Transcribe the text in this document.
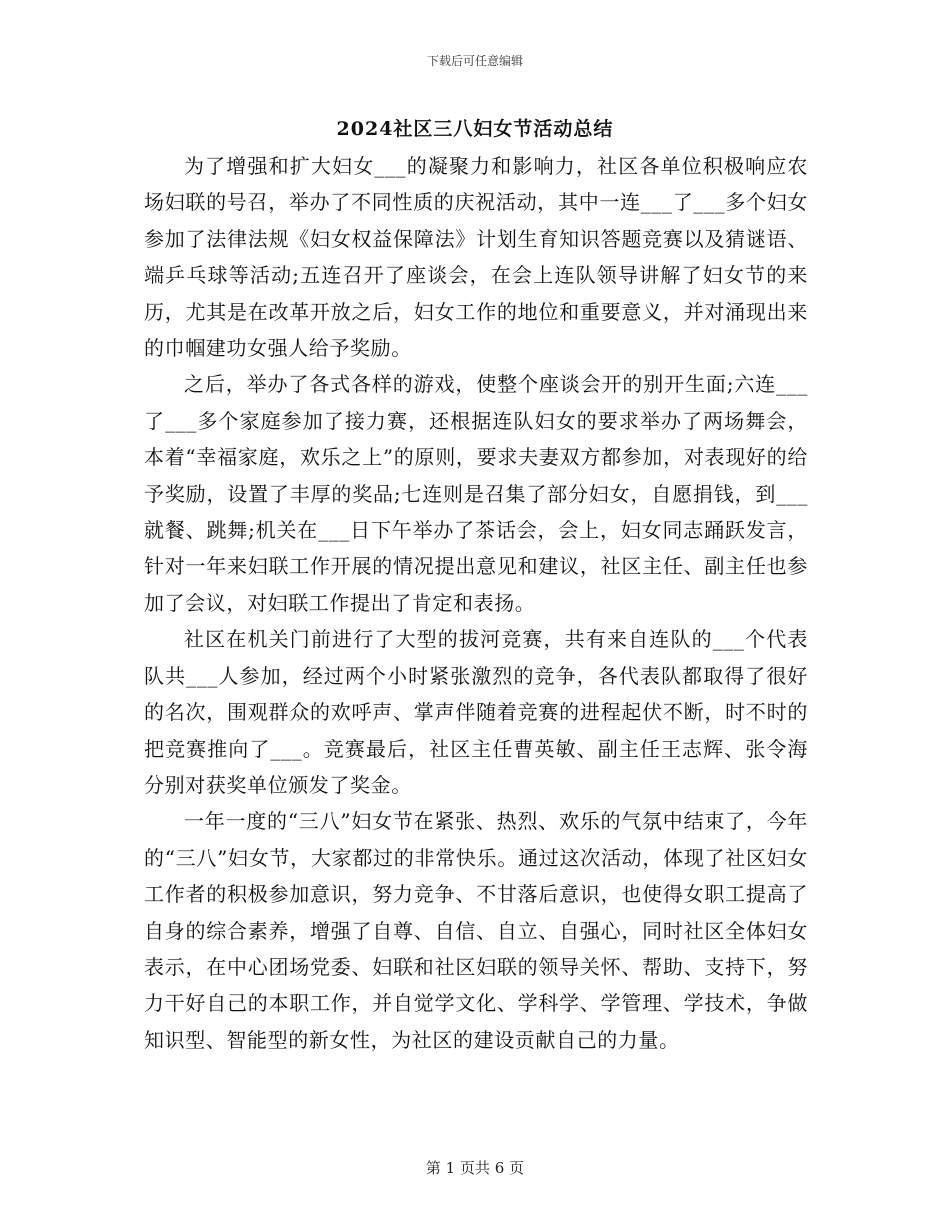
下载后可任意编辑
2024社区三八妇女节活动总结

为了增强和扩大妇女___的凝聚力和影响力，社区各单位积极响应农场妇联的号召，举办了不同性质的庆祝活动，其中一连___了___多个妇女参加了法律法规《妇女权益保障法》计划生育知识答题竞赛以及猜谜语、端乒乓球等活动;五连召开了座谈会，在会上连队领导讲解了妇女节的来历，尤其是在改革开放之后，妇女工作的地位和重要意义，并对涌现出来的巾帼建功女强人给予奖励。

之后，举办了各式各样的游戏，使整个座谈会开的别开生面;六连___了___多个家庭参加了接力赛，还根据连队妇女的要求举办了两场舞会，本着“幸福家庭，欢乐之上”的原则，要求夫妻双方都参加，对表现好的给予奖励，设置了丰厚的奖品;七连则是召集了部分妇女，自愿捐钱，到___就餐、跳舞;机关在___日下午举办了茶话会，会上，妇女同志踊跃发言，针对一年来妇联工作开展的情况提出意见和建议，社区主任、副主任也参加了会议，对妇联工作提出了肯定和表扬。

社区在机关门前进行了大型的拔河竞赛，共有来自连队的___个代表队共___人参加，经过两个小时紧张激烈的竞争，各代表队都取得了很好的名次，围观群众的欢呼声、掌声伴随着竞赛的进程起伏不断，时不时的把竞赛推向了___。竞赛最后，社区主任曹英敏、副主任王志辉、张令海分别对获奖单位颁发了奖金。

一年一度的“三八”妇女节在紧张、热烈、欢乐的气氛中结束了，今年的“三八”妇女节，大家都过的非常快乐。通过这次活动，体现了社区妇女工作者的积极参加意识，努力竞争、不甘落后意识，也使得女职工提高了自身的综合素养，增强了自尊、自信、自立、自强心，同时社区全体妇女表示，在中心团场党委、妇联和社区妇联的领导关怀、帮助、支持下，努力干好自己的本职工作，并自觉学文化、学科学、学管理、学技术，争做知识型、智能型的新女性，为社区的建设贡献自己的力量。

第 1 页共 6 页
